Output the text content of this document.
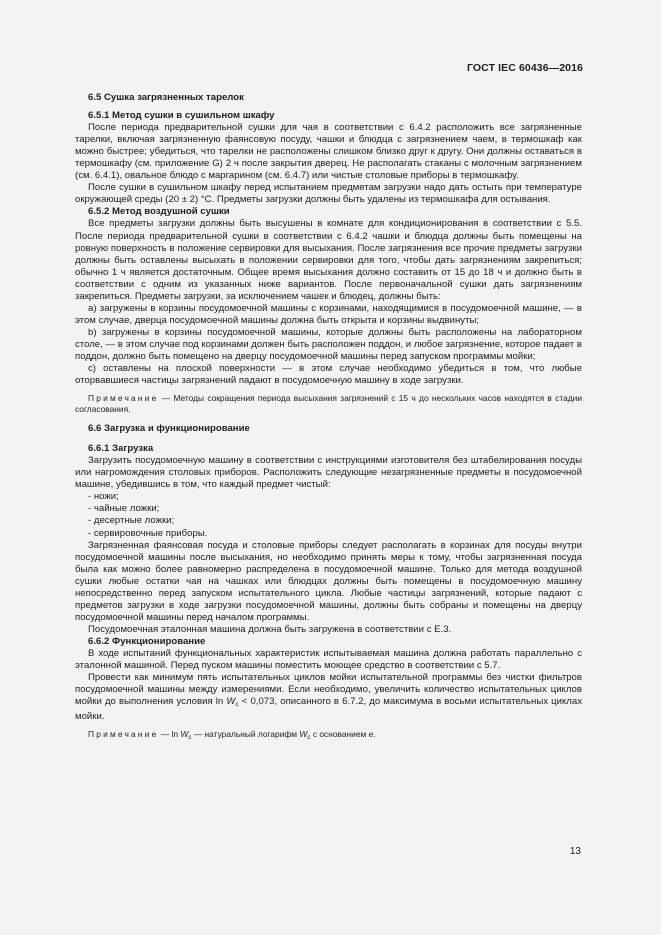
ГОСТ IEC 60436—2016

6.5 Сушка загрязненных тарелок

6.5.1 Метод сушки в сушильном шкафу

После периода предварительной сушки для чая в соответствии с 6.4.2 расположить все загрязненные тарелки, включая загрязненную фаянсовую посуду, чашки и блюдца с загрязнением чаем, в термошкаф как можно быстрее; убедиться, что тарелки не расположены слишком близко друг к другу. Они должны оставаться в термошкафу (см. приложение G) 2 ч после закрытия дверец. Не располагать стаканы с молочным загрязнением (см. 6.4.1), овальное блюдо с маргарином (см. 6.4.7) или чистые столовые приборы в термошкафу.

После сушки в сушильном шкафу перед испытанием предметам загрузки надо дать остыть при температуре окружающей среды (20 ± 2) °С. Предметы загрузки должны быть удалены из термошкафа для остывания.

6.5.2 Метод воздушной сушки

Все предметы загрузки должны быть высушены в комнате для кондиционирования в соответствии с 5.5. После периода предварительной сушки в соответствии с 6.4.2 чашки и блюдца должны быть помещены на ровную поверхность в положение сервировки для высыхания. После загрязнения все прочие предметы загрузки должны быть оставлены высыхать в положении сервировки для того, чтобы дать загрязнениям закрепиться; обычно 1 ч является достаточным. Общее время высыхания должно составить от 15 до 18 ч и должно быть в соответствии с одним из указанных ниже вариантов. После первоначальной сушки дать загрязнениям закрепиться. Предметы загрузки, за исключением чашек и блюдец, должны быть:

a) загружены в корзины посудомоечной машины с корзинами, находящимися в посудомоечной машине, — в этом случае, дверца посудомоечной машины должна быть открыта и корзины выдвинуты;

b) загружены в корзины посудомоечной машины, которые должны быть расположены на лабораторном столе, — в этом случае под корзинами должен быть расположен поддон, и любое загрязнение, которое падает в поддон, должно быть помещено на дверцу посудомоечной машины перед запуском программы мойки;

c) оставлены на плоской поверхности — в этом случае необходимо убедиться в том, что любые оторвавшиеся частицы загрязнений падают в посудомоечную машину в ходе загрузки.

Примечание — Методы сокращения периода высыхания загрязнений с 15 ч до нескольких часов находятся в стадии согласования.

6.6 Загрузка и функционирование

6.6.1 Загрузка

Загрузить посудомоечную машину в соответствии с инструкциями изготовителя без штабелирования посуды или нагромождения столовых приборов. Расположить следующие незагрязненные предметы в посудомоечной машине, убедившись в том, что каждый предмет чистый:

- ножи;
- чайные ложки;
- десертные ложки;
- сервировочные приборы.

Загрязненная фаянсовая посуда и столовые приборы следует располагать в корзинах для посуды внутри посудомоечной машины после высыхания, но необходимо принять меры к тому, чтобы загрязненная посуда была как можно более равномерно распределена в посудомоечной машине. Только для метода воздушной сушки любые остатки чая на чашках или блюдцах должны быть помещены в посудомоечную машину непосредственно перед запуском испытательного цикла. Любые частицы загрязнений, которые падают с предметов загрузки в ходе загрузки посудомоечной машины, должны быть собраны и помещены на дверцу посудомоечной машины перед началом программы.

Посудомоечная эталонная машина должна быть загружена в соответствии с Е.3.

6.6.2 Функционирование

В ходе испытаний функциональных характеристик испытываемая машина должна работать параллельно с эталонной машиной. Перед пуском машины поместить моющее средство в соответствии с 5.7.

Провести как минимум пять испытательных циклов мойки испытательной программы без чистки фильтров посудомоечной машины между измерениями. Если необходимо, увеличить количество испытательных циклов мойки до выполнения условия $\ln W_c < 0,073$, описанного в 6.7.2, до максимума в восьми испытательных циклах мойки.

Примечание — $\ln W_c$ — натуральный логарифм $W_c$ с основанием e.

13
